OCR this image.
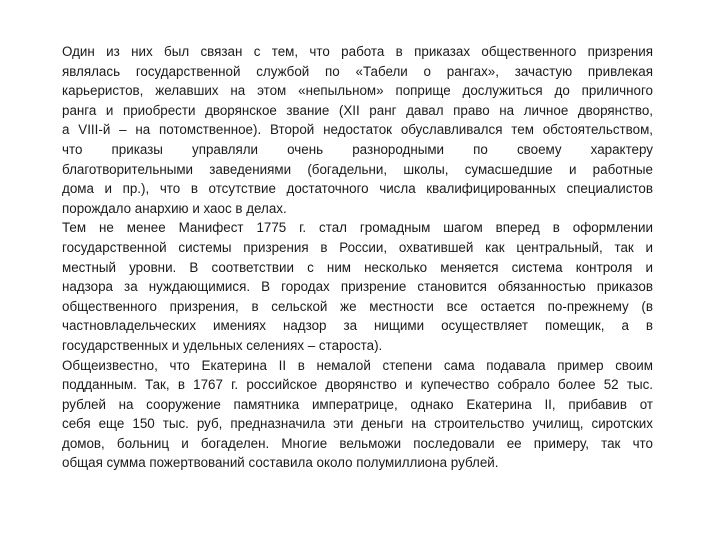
Один из них был связан с тем, что работа в приказах общественного призрения
являлась государственной службой по «Табели о рангах», зачастую привлекая
карьеристов, желавших на этом «непыльном» поприще дослужиться до приличного
ранга и приобрести дворянское звание (XII ранг давал право на личное дворянство,
а VIII-й – на потомственное). Второй недостаток обуславливался тем обстоятельством,
что приказы управляли очень разнородными по своему характеру
благотворительными заведениями (богадельни, школы, сумасшедшие и работные
дома и пр.), что в отсутствие достаточного числа квалифицированных специалистов
порождало анархию и хаос в делах.

Тем не менее Манифест 1775 г. стал громадным шагом вперед в оформлении
государственной системы призрения в России, охватившей как центральный, так и
местный уровни. В соответствии с ним несколько меняется система контроля и
надзора за нуждающимися. В городах призрение становится обязанностью приказов
общественного призрения, в сельской же местности все остается по-прежнему (в
частновладельческих имениях надзор за нищими осуществляет помещик, а в
государственных и удельных селениях – староста).

Общеизвестно, что Екатерина II в немалой степени сама подавала пример своим
подданным. Так, в 1767 г. российское дворянство и купечество собрало более 52 тыс.
рублей на сооружение памятника императрице, однако Екатерина II, прибавив от
себя еще 150 тыс. руб, предназначила эти деньги на строительство училищ, сиротских
домов, больниц и богаделен. Многие вельможи последовали ее примеру, так что
общая сумма пожертвований составила около полумиллиона рублей.
